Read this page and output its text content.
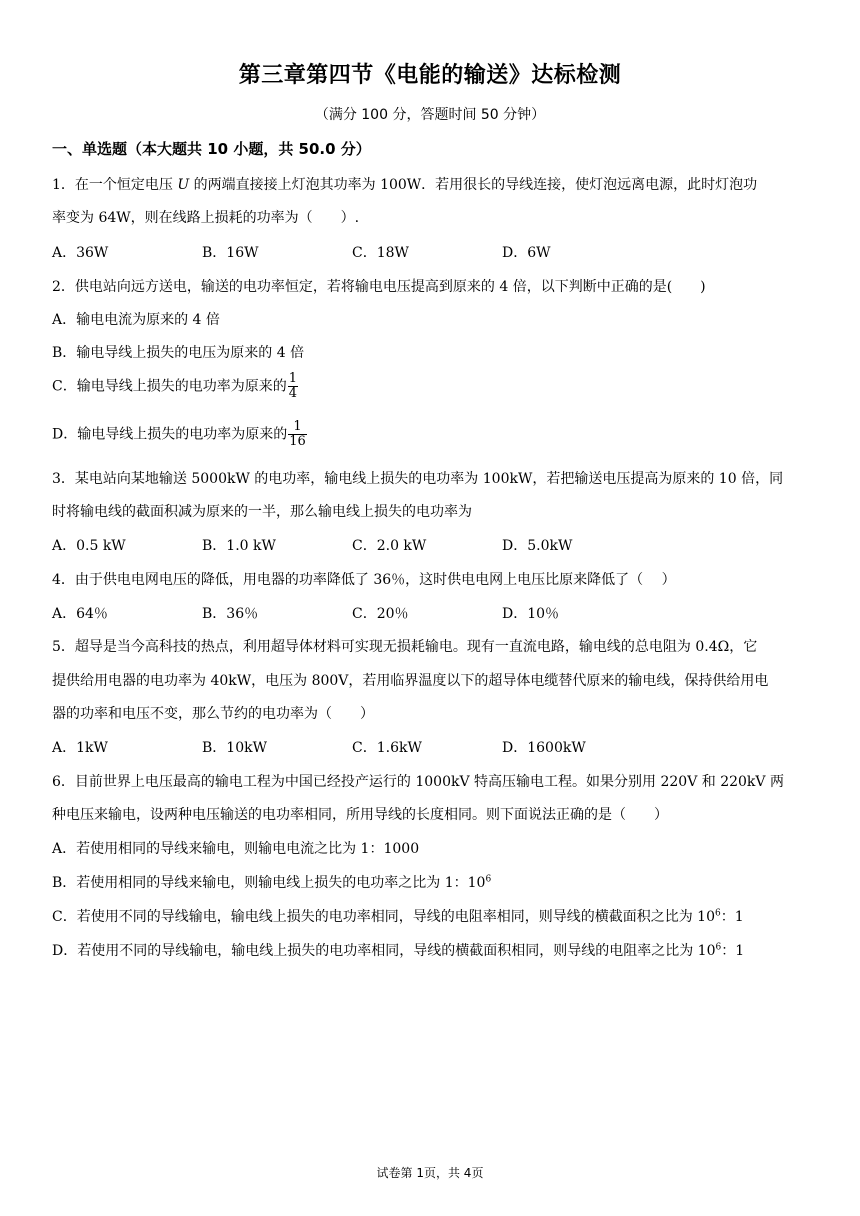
第三章第四节《电能的输送》达标检测
（满分 100 分，答题时间 50 分钟）
一、单选题（本大题共 10 小题，共 50.0 分）
1．在一个恒定电压 U 的两端直接接上灯泡其功率为 100W．若用很长的导线连接，使灯泡远离电源，此时灯泡功
率变为 64W，则在线路上损耗的功率为（　　）.
A．36W	B．16W	C．18W	D．6W
2．供电站向远方送电，输送的电功率恒定，若将输电电压提高到原来的 4 倍，以下判断中正确的是(　　)
A．输电电流为原来的 4 倍
B．输电导线上损失的电压为原来的 4 倍
C．输电导线上损失的电功率为原来的 $\frac{1}{4}$
D．输电导线上损失的电功率为原来的 $\frac{1}{16}$
3．某电站向某地输送 5000kW 的电功率，输电线上损失的电功率为 100kW，若把输送电压提高为原来的 10 倍，同
时将输电线的截面积减为原来的一半，那么输电线上损失的电功率为
A．0.5 kW	B．1.0 kW	C．2.0 kW	D．5.0kW
4．由于供电电网电压的降低，用电器的功率降低了 36％，这时供电电网上电压比原来降低了（　 ）
A．64％	B．36％	C．20％	D．10％
5．超导是当今高科技的热点，利用超导体材料可实现无损耗输电。现有一直流电路，输电线的总电阻为 0.4Ω，它
提供给用电器的电功率为 40kW，电压为 800V，若用临界温度以下的超导体电缆替代原来的输电线，保持供给用电
器的功率和电压不变，那么节约的电功率为（　　）
A．1kW	B．10kW	C．1.6kW	D．1600kW
6．目前世界上电压最高的输电工程为中国已经投产运行的 1000kV 特高压输电工程。如果分别用 220V 和 220kV 两
种电压来输电，设两种电压输送的电功率相同，所用导线的长度相同。则下面说法正确的是（　　）
A．若使用相同的导线来输电，则输电电流之比为 1：1000
B．若使用相同的导线来输电，则输电线上损失的电功率之比为 1：$10^6$
C．若使用不同的导线输电，输电线上损失的电功率相同，导线的电阻率相同，则导线的横截面积之比为 $10^6$：1
D．若使用不同的导线输电，输电线上损失的电功率相同，导线的横截面积相同，则导线的电阻率之比为 $10^6$：1
试卷第 1页，共 4页
